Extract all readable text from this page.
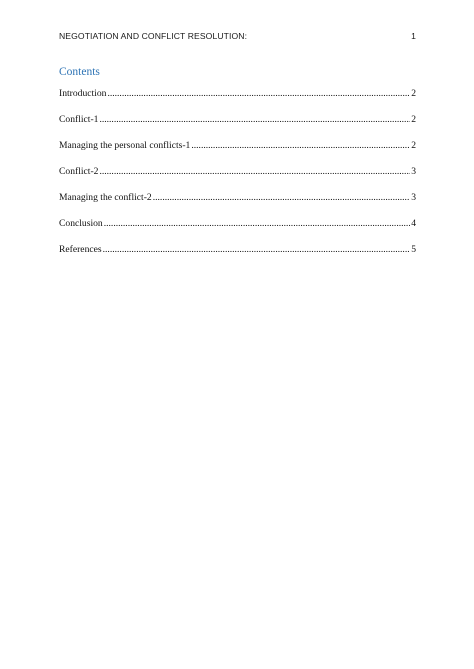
NEGOTIATION AND CONFLICT RESOLUTION:	1
Contents
Introduction .....	2
Conflict-1 .....	2
Managing the personal conflicts-1 .....	2
Conflict-2 .....	3
Managing the conflict-2 .....	3
Conclusion .....	4
References .....	5
